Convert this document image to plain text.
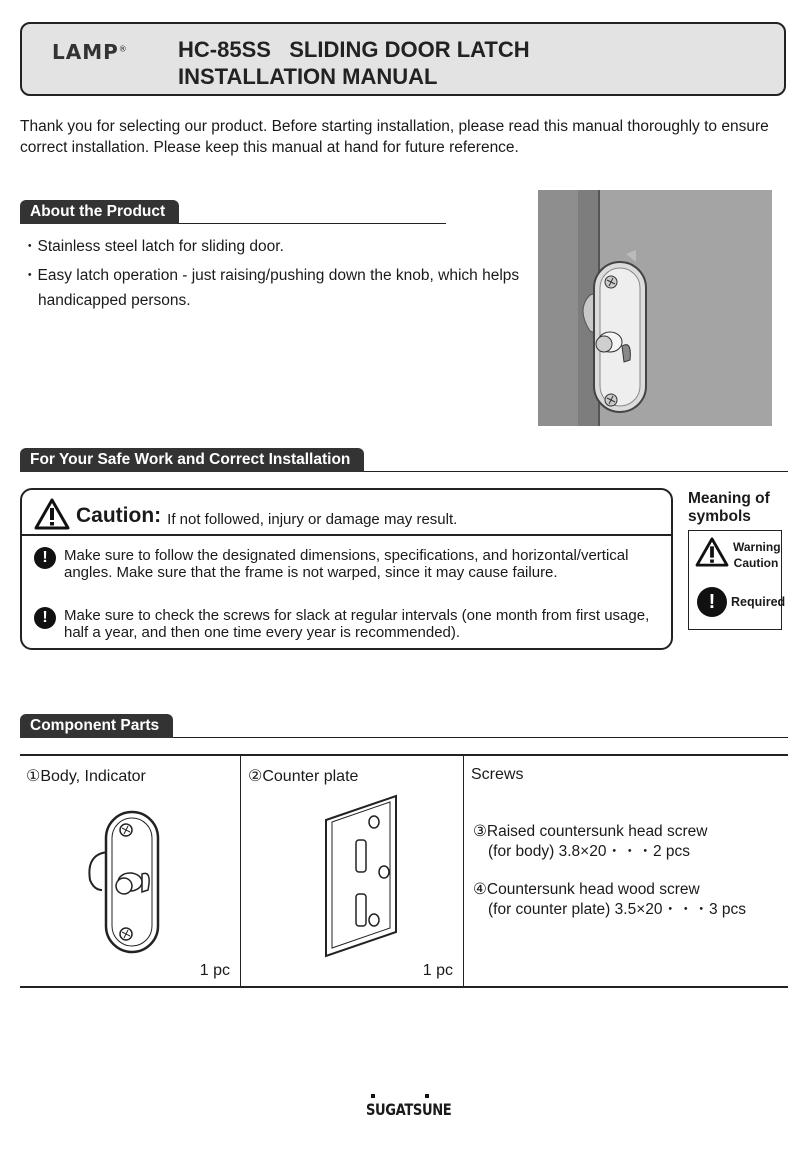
LAMP® HC-85SS   SLIDING DOOR LATCH
INSTALLATION MANUAL
Thank you for selecting our product. Before starting installation, please read this manual thoroughly to ensure correct installation. Please keep this manual at hand for future reference.
About the Product
・Stainless steel latch for sliding door.
・Easy latch operation - just raising/pushing down the knob, which helps handicapped persons.
For Your Safe Work and Correct Installation
Caution: If not followed, injury or damage may result.
!	Make sure to follow the designated dimensions, specifications, and horizontal/vertical angles. Make sure that the frame is not warped, since it may cause failure.
!	Make sure to check the screws for slack at regular intervals (one month from first usage, half a year, and then one time every year is recommended).
Meaning of symbols
Warning Caution
!	Required
Component Parts
①Body, Indicator
1 pc
②Counter plate
1 pc
Screws
③Raised countersunk head screw
(for body) 3.8×20・・・2 pcs
④Countersunk head wood screw
(for counter plate) 3.5×20・・・3 pcs
SUGATSUNE
